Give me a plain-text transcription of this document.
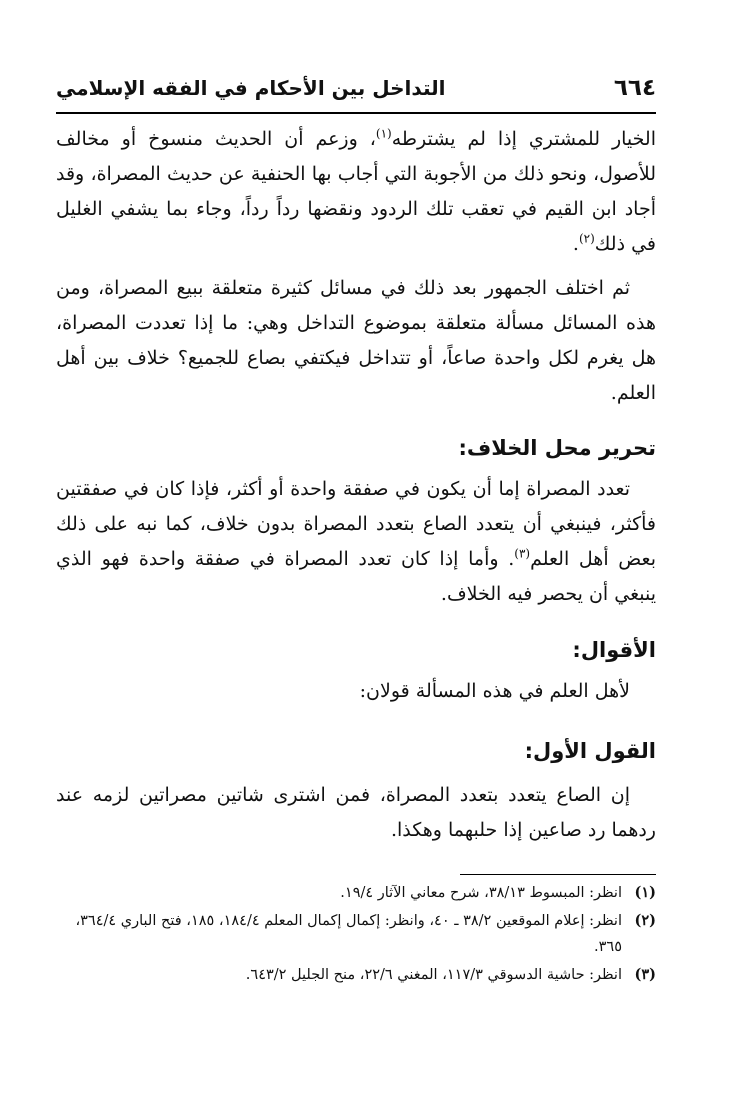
٦٦٤
التداخل بين الأحكام في الفقه الإسلامي

الخيار للمشتري إذا لم يشترطه$^{(١)}$، وزعم أن الحديث منسوخ أو مخالف للأصول، ونحو ذلك من الأجوبة التي أجاب بها الحنفية عن حديث المصراة، وقد أجاد ابن القيم في تعقب تلك الردود ونقضها رداً رداً، وجاء بما يشفي الغليل في ذلك$^{(٢)}$.

ثم اختلف الجمهور بعد ذلك في مسائل كثيرة متعلقة ببيع المصراة، ومن هذه المسائل مسألة متعلقة بموضوع التداخل وهي: ما إذا تعددت المصراة، هل يغرم لكل واحدة صاعاً، أو تتداخل فيكتفي بصاع للجميع؟ خلاف بين أهل العلم.

تحرير محل الخلاف:

تعدد المصراة إما أن يكون في صفقة واحدة أو أكثر، فإذا كان في صفقتين فأكثر، فينبغي أن يتعدد الصاع بتعدد المصراة بدون خلاف، كما نبه على ذلك بعض أهل العلم$^{(٣)}$. وأما إذا كان تعدد المصراة في صفقة واحدة فهو الذي ينبغي أن يحصر فيه الخلاف.

الأقوال:

لأهل العلم في هذه المسألة قولان:

القول الأول:

إن الصاع يتعدد بتعدد المصراة، فمن اشترى شاتين مصراتين لزمه عند ردهما رد صاعين إذا حلبهما وهكذا.

(١)
انظر: المبسوط ٣٨/١٣، شرح معاني الآثار ١٩/٤.
(٢)
انظر: إعلام الموقعين ٣٨/٢ ـ ٤٠، وانظر: إكمال إكمال المعلم ١٨٤/٤، ١٨٥، فتح الباري ٣٦٤/٤، ٣٦٥.
(٣)
انظر: حاشية الدسوقي ١١٧/٣، المغني ٢٢/٦، منح الجليل ٦٤٣/٢.
